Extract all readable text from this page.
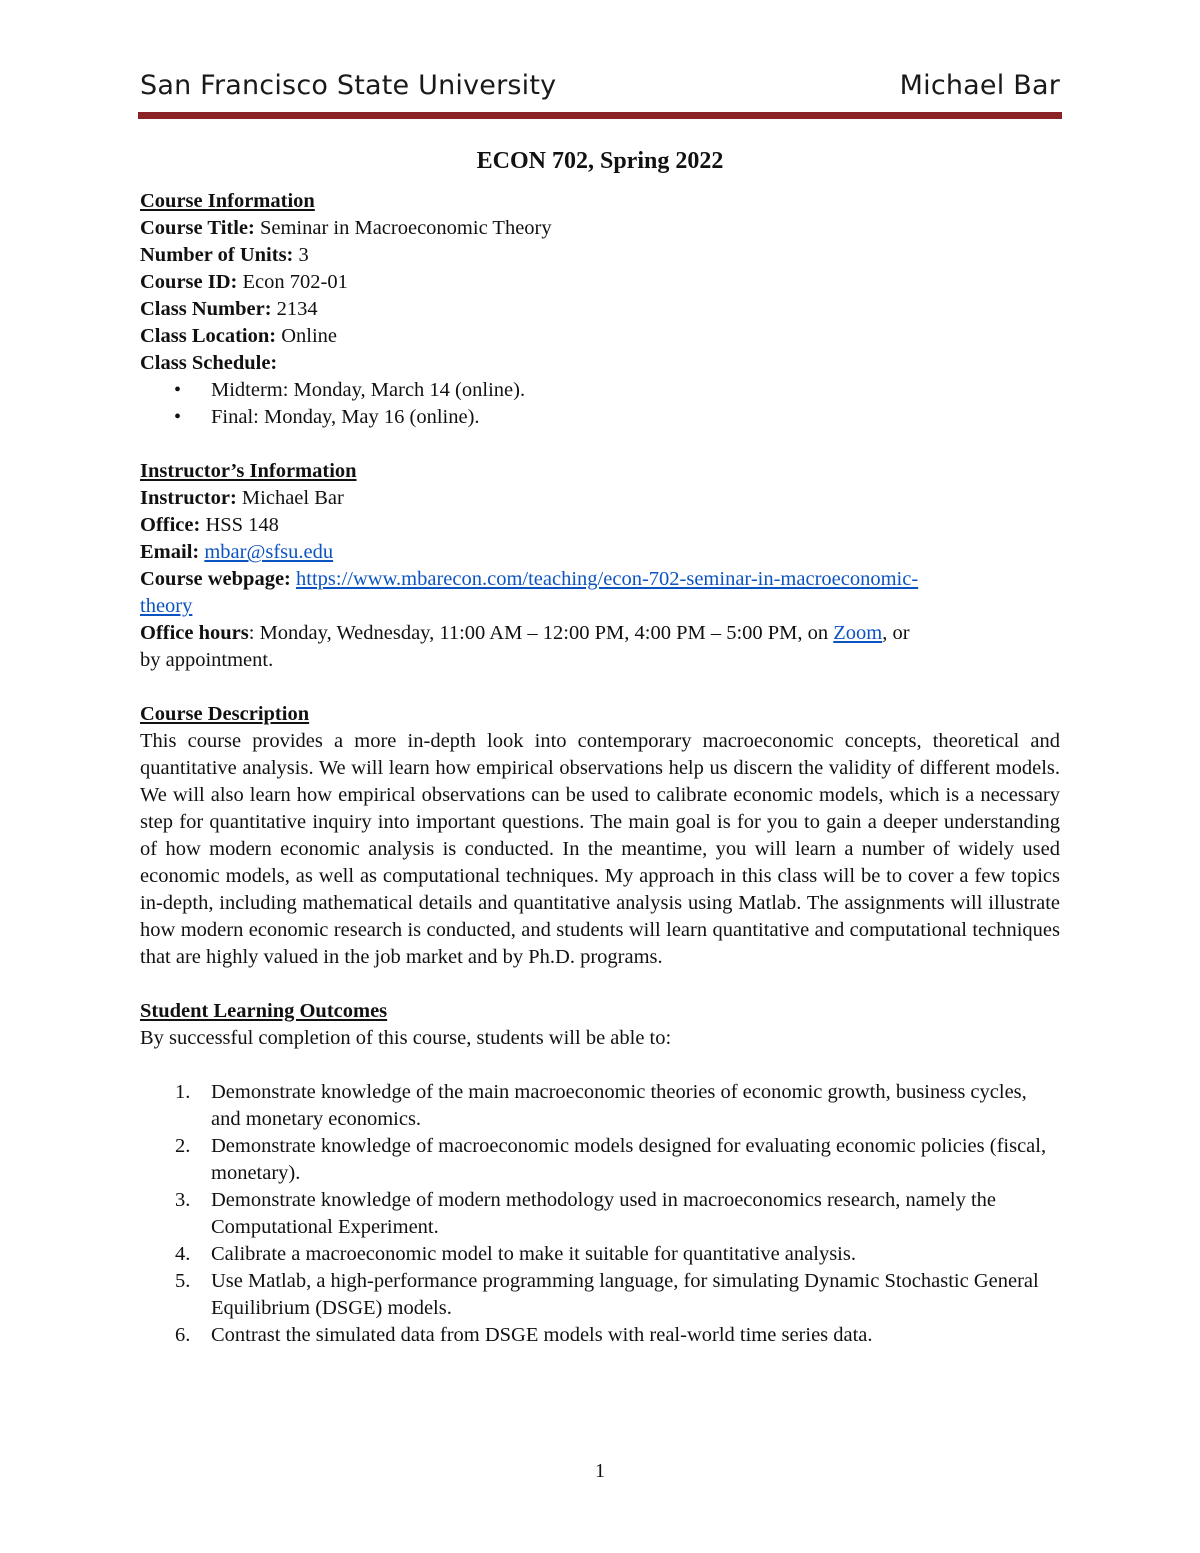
San Francisco State University	Michael Bar
ECON 702, Spring 2022
Course Information
Course Title: Seminar in Macroeconomic Theory
Number of Units: 3
Course ID: Econ 702-01
Class Number: 2134
Class Location: Online
Class Schedule:
• Midterm: Monday, March 14 (online).
• Final: Monday, May 16 (online).
Instructor’s Information
Instructor: Michael Bar
Office: HSS 148
Email: mbar@sfsu.edu
Course webpage: https://www.mbarecon.com/teaching/econ-702-seminar-in-macroeconomic-
theory
Office hours: Monday, Wednesday, 11:00 AM – 12:00 PM, 4:00 PM – 5:00 PM, on Zoom, or
by appointment.
Course Description
This course provides a more in-depth look into contemporary macroeconomic concepts, theoretical and quantitative analysis. We will learn how empirical observations help us discern the validity of different models. We will also learn how empirical observations can be used to calibrate economic models, which is a necessary step for quantitative inquiry into important questions. The main goal is for you to gain a deeper understanding of how modern economic analysis is conducted. In the meantime, you will learn a number of widely used economic models, as well as computational techniques. My approach in this class will be to cover a few topics in-depth, including mathematical details and quantitative analysis using Matlab. The assignments will illustrate how modern economic research is conducted, and students will learn quantitative and computational techniques that are highly valued in the job market and by Ph.D. programs.
Student Learning Outcomes
By successful completion of this course, students will be able to:
1. Demonstrate knowledge of the main macroeconomic theories of economic growth, business cycles, and monetary economics.
2. Demonstrate knowledge of macroeconomic models designed for evaluating economic policies (fiscal, monetary).
3. Demonstrate knowledge of modern methodology used in macroeconomics research, namely the Computational Experiment.
4. Calibrate a macroeconomic model to make it suitable for quantitative analysis.
5. Use Matlab, a high-performance programming language, for simulating Dynamic Stochastic General Equilibrium (DSGE) models.
6. Contrast the simulated data from DSGE models with real-world time series data.
1
